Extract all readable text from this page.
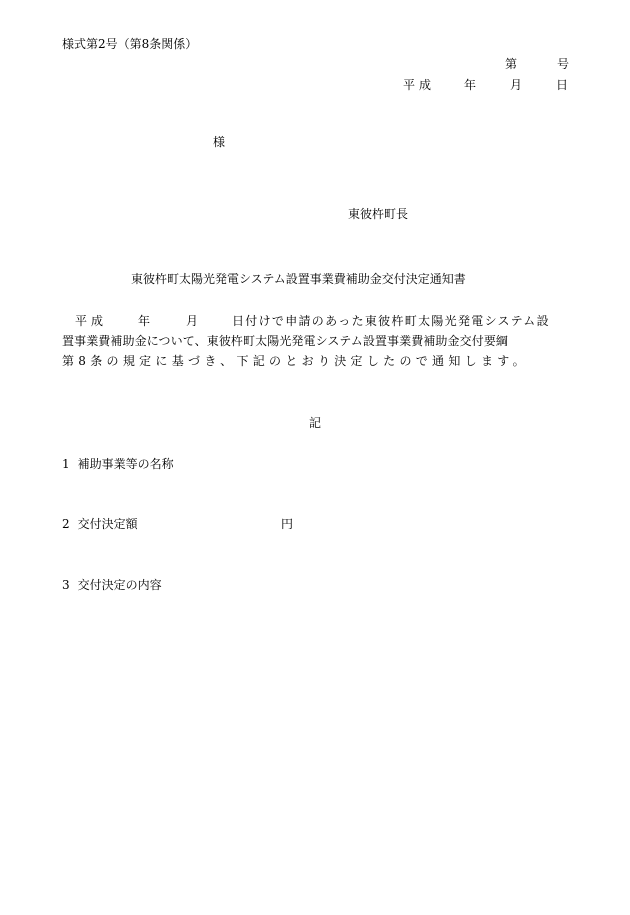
様式第2号（第8条関係）
第	号
平成 年	月	日
様
東彼杵町長
東彼杵町太陽光発電システム設置事業費補助金交付決定通知書
平成	年	月	日付けで申請のあった東彼杵町太陽光発電システム設
置事業費補助金について、東彼杵町太陽光発電システム設置事業費補助金交付要綱
第8条の規定に基づき、下記のとおり決定したので通知します。
記
1 補助事業等の名称
2 交付決定額	円
3 交付決定の内容
